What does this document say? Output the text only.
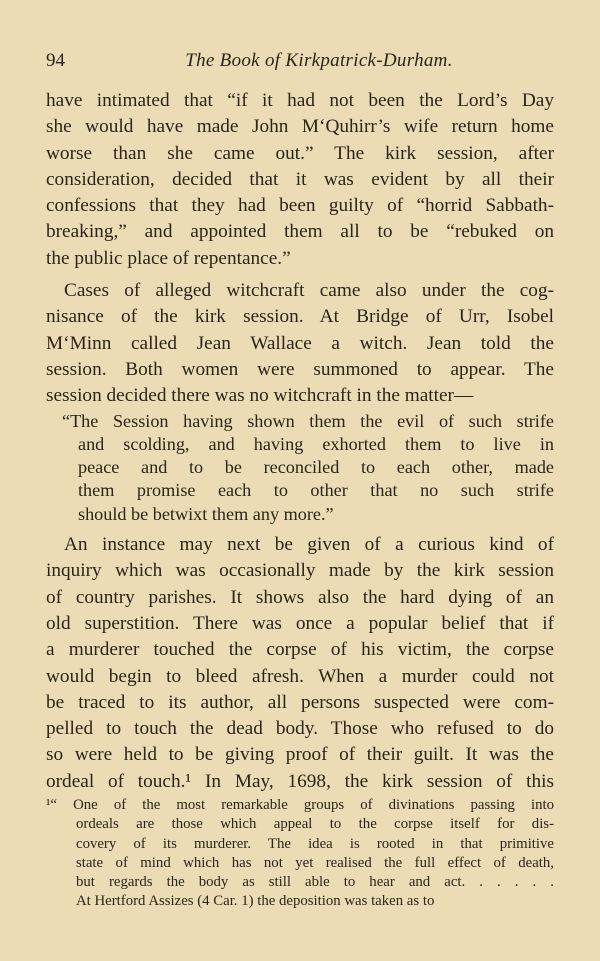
94	The Book of Kirkpatrick-Durham.
have intimated that “if it had not been the Lord’s Day
she would have made John M‘Quhirr’s wife return home
worse than she came out.” The kirk session, after
consideration, decided that it was evident by all their
confessions that they had been guilty of “horrid Sabbath-
breaking,” and appointed them all to be “rebuked on
the public place of repentance.”
Cases of alleged witchcraft came also under the cog-
nisance of the kirk session. At Bridge of Urr, Isobel
M‘Minn called Jean Wallace a witch. Jean told the
session. Both women were summoned to appear. The
session decided there was no witchcraft in the matter—
“The Session having shown them the evil of such strife
and scolding, and having exhorted them to live in
peace and to be reconciled to each other, made
them promise each to other that no such strife
should be betwixt them any more.”
An instance may next be given of a curious kind of
inquiry which was occasionally made by the kirk session
of country parishes. It shows also the hard dying of an
old superstition. There was once a popular belief that if
a murderer touched the corpse of his victim, the corpse
would begin to bleed afresh. When a murder could not
be traced to its author, all persons suspected were com-
pelled to touch the dead body. Those who refused to do
so were held to be giving proof of their guilt. It was the
ordeal of touch.¹ In May, 1698, the kirk session of this
¹“ One of the most remarkable groups of divinations passing into
ordeals are those which appeal to the corpse itself for dis-
covery of its murderer. The idea is rooted in that primitive
state of mind which has not yet realised the full effect of death,
but regards the body as still able to hear and act. . . . . .
At Hertford Assizes (4 Car. 1) the deposition was taken as to
